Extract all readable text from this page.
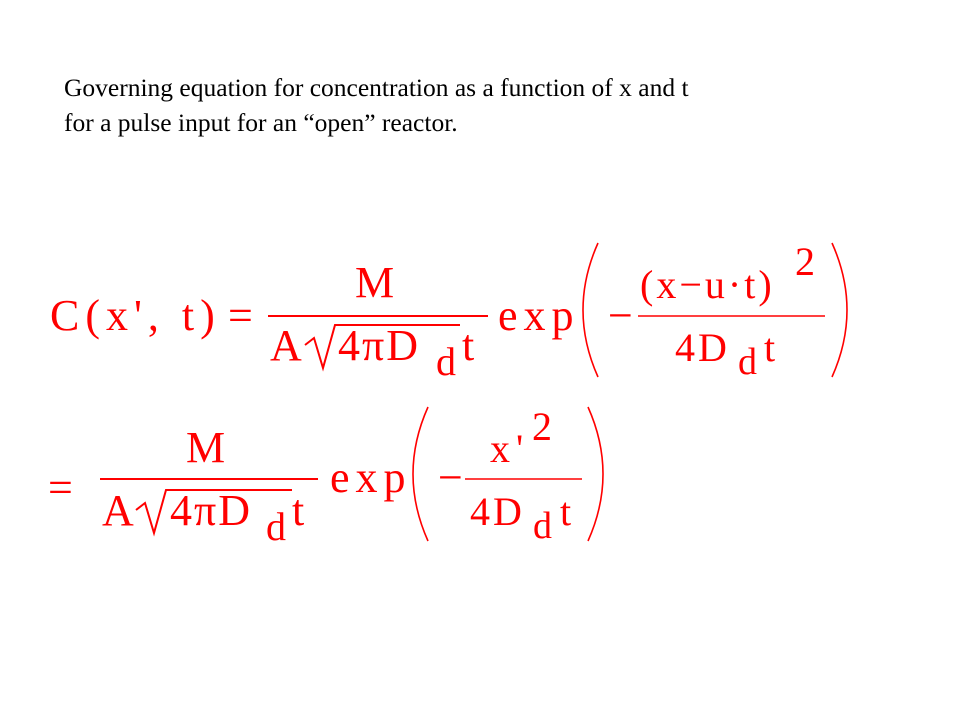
Governing equation for concentration as a function of x and t
for a pulse input for an “open” reactor.
C(x', t) =
M
A 4πD d t
exp −
(x−u·t)
2
4D d t
=
M
A 4πD d t
exp −
x' 2
4D d t
